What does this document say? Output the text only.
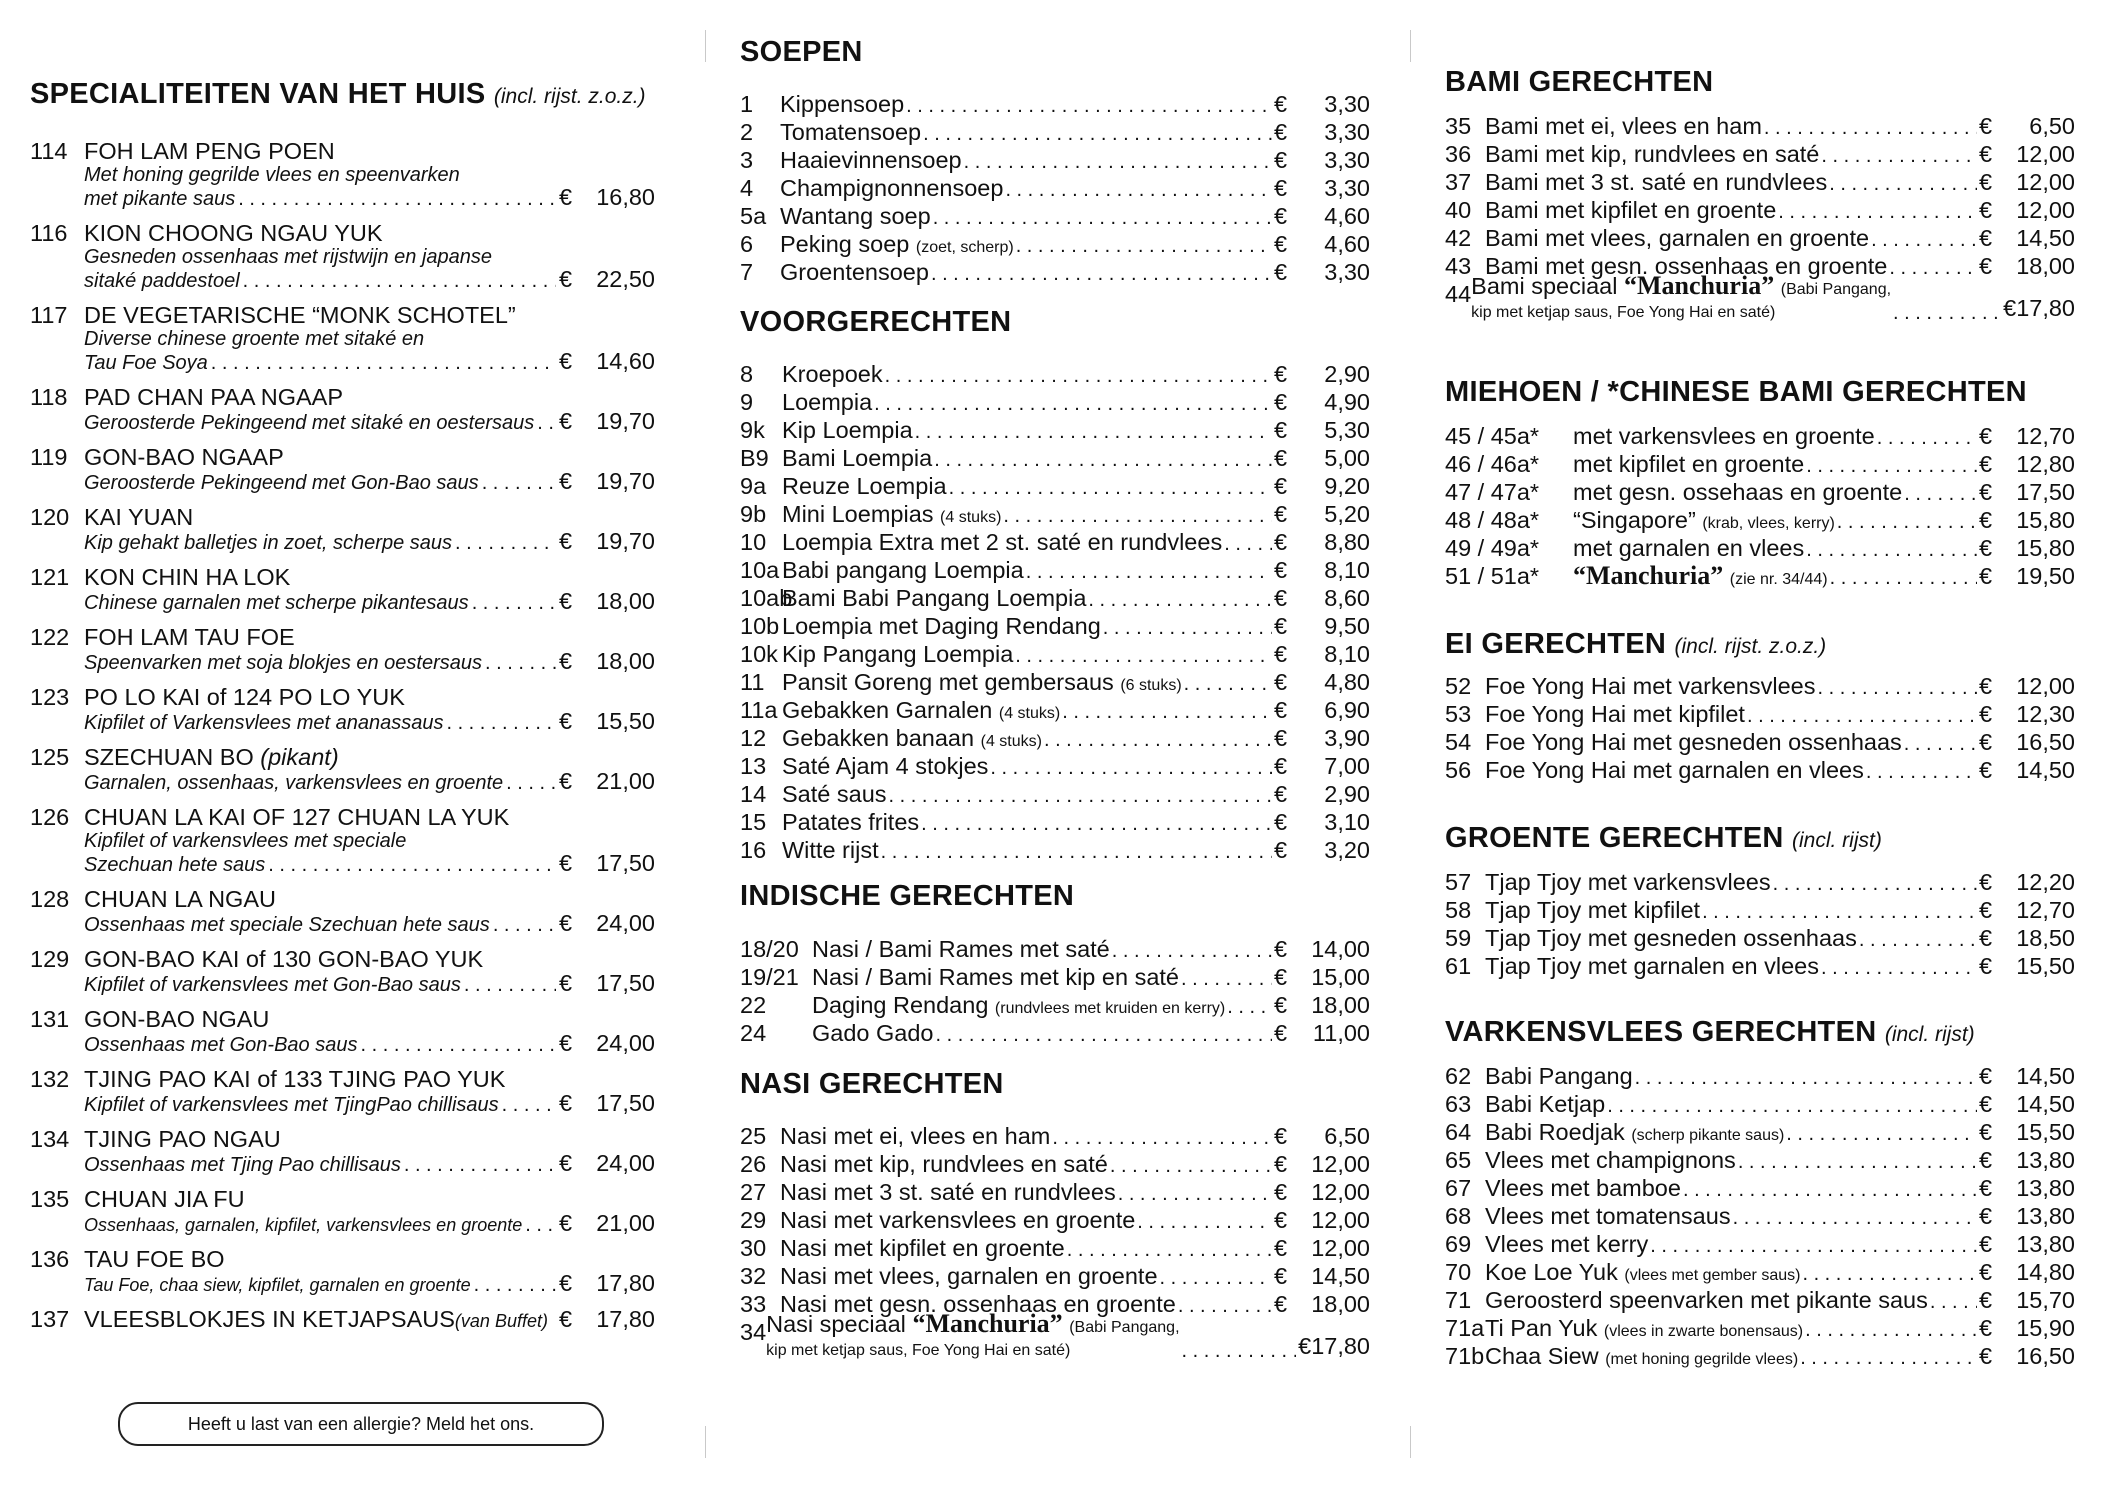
SPECIALITEITEN VAN HET HUIS (incl. rijst. z.o.z.)
114 FOH LAM PENG POEN
Met honing gegrilde vlees en speenvarken
met pikante saus . . .	€	16,80
116 KION CHOONG NGAU YUK
Gesneden ossenhaas met rijstwijn en japanse
sitaké paddestoel . . .	€	22,50
117 DE VEGETARISCHE “MONK SCHOTEL”
Diverse chinese groente met sitaké en
Tau Foe Soya . . .	€	14,60
118 PAD CHAN PAA NGAAP
Geroosterde Pekingeend met sitaké en oestersaus . . . €	19,70
119 GON-BAO NGAAP
Geroosterde Pekingeend met Gon-Bao saus . . .	€	19,70
120 KAI YUAN
Kip gehakt balletjes in zoet, scherpe saus . . .	€	19,70
121 KON CHIN HA LOK
Chinese garnalen met scherpe pikantesaus . . .	€	18,00
122 FOH LAM TAU FOE
Speenvarken met soja blokjes en oestersaus . . .	€	18,00
123 PO LO KAI of 124 PO LO YUK
Kipfilet of Varkensvlees met ananassaus . . .	€	15,50
125 SZECHUAN BO (pikant)
Garnalen, ossenhaas, varkensvlees en groente . . . €	21,00
126 CHUAN LA KAI OF 127 CHUAN LA YUK
Kipfilet of varkensvlees met speciale
Szechuan hete saus . . .	€	17,50
128 CHUAN LA NGAU
Ossenhaas met speciale Szechuan hete saus . . .	€	24,00
129 GON-BAO KAI of 130 GON-BAO YUK
Kipfilet of varkensvlees met Gon-Bao saus . . .	€	17,50
131 GON-BAO NGAU
Ossenhaas met Gon-Bao saus . . .	€	24,00
132 TJING PAO KAI of 133 TJING PAO YUK
Kipfilet of varkensvlees met TjingPao chillisaus . . .	€	17,50
134 TJING PAO NGAU
Ossenhaas met Tjing Pao chillisaus . . .	€	24,00
135 CHUAN JIA FU
Ossenhaas, garnalen, kipfilet, varkensvlees en groente . . . €	21,00
136 TAU FOE BO
Tau Foe, chaa siew, kipfilet, garnalen en groente . . .	€	17,80
137 VLEESBLOKJES IN KETJAPSAUS (van Buffet) €	17,80
Heeft u last van een allergie? Meld het ons.
SOEPEN
1	Kippensoep . . .	€	3,30
2	Tomatensoep . . .	€	3,30
3	Haaievinnensoep . . .	€	3,30
4	Champignonnensoep . . .	€	3,30
5a Wantang soep . . .	€	4,60
6	Peking soep (zoet, scherp) . . .	€	4,60
7	Groentensoep . . .	€	3,30
VOORGERECHTEN
8	Kroepoek . . .	€	2,90
9	Loempia . . .	€	4,90
9k Kip Loempia . . .	€	5,30
B9 Bami Loempia . . .	€	5,00
9a Reuze Loempia . . .	€	9,20
9b Mini Loempias (4 stuks) . . .	€	5,20
10 Loempia Extra met 2 st. saté en rundvlees . . . €	8,80
10a Babi pangang Loempia . . .	€	8,10
10ab
Bami Babi Pangang Loempia . . .	€	8,60
10b Loempia met Daging Rendang . . .	€	9,50
10k Kip Pangang Loempia . . .	€	8,10
11 Pansit Goreng met gembersaus (6 stuks) . . .	€	4,80
11a Gebakken Garnalen (4 stuks) . . .	€	6,90
12 Gebakken banaan (4 stuks) . . .	€	3,90
13 Saté Ajam 4 stokjes . . .	€	7,00
14 Saté saus . . .	€	2,90
15 Patates frites . . .	€	3,10
16 Witte rijst . . .	€	3,20
INDISCHE GERECHTEN
18/20 Nasi / Bami Rames met saté . . .	€	14,00
19/21 Nasi / Bami Rames met kip en saté . . .	€	15,00
22	Daging Rendang (rundvlees met kruiden en kerry) . . . €	18,00
24	Gado Gado . . .	€	11,00
NASI GERECHTEN
25 Nasi met ei, vlees en ham . . .	€	6,50
26 Nasi met kip, rundvlees en saté . . .	€	12,00
27 Nasi met 3 st. saté en rundvlees . . .	€	12,00
29 Nasi met varkensvlees en groente . . .	€	12,00
30 Nasi met kipfilet en groente . . .	€	12,00
32 Nasi met vlees, garnalen en groente . . .	€	14,50
33 Nasi met gesn. ossenhaas en groente . . .	€	18,00
34 Nasi speciaal “Manchuria” (Babi Pangang,
kip met ketjap saus, Foe Yong Hai en saté) . . .	€ 17,80
BAMI GERECHTEN
35 Bami met ei, vlees en ham . . .	€	6,50
36 Bami met kip, rundvlees en saté . . .	€	12,00
37 Bami met 3 st. saté en rundvlees . . .	€	12,00
40 Bami met kipfilet en groente . . .	€	12,00
42 Bami met vlees, garnalen en groente . . .	€	14,50
43 Bami met gesn. ossenhaas en groente . . .	€	18,00
44 Bami speciaal “Manchuria” (Babi Pangang,
kip met ketjap saus, Foe Yong Hai en saté) . . .	€ 17,80
MIEHOEN / *CHINESE BAMI GERECHTEN
45 / 45a*	met varkensvlees en groente . . .	€	12,70
46 / 46a*	met kipfilet en groente . . .	€	12,80
47 / 47a*	met gesn. ossehaas en groente . . .	€	17,50
48 / 48a*	“Singapore” (krab, vlees, kerry) . . .	€	15,80
49 / 49a*	met garnalen en vlees . . .	€	15,80
51 / 51a*	“Manchuria” (zie nr. 34/44) . . .	€	19,50
EI GERECHTEN (incl. rijst. z.o.z.)
52 Foe Yong Hai met varkensvlees . . .	€	12,00
53 Foe Yong Hai met kipfilet . . .	€	12,30
54 Foe Yong Hai met gesneden ossenhaas . . .	€	16,50
56 Foe Yong Hai met garnalen en vlees . . .	€	14,50
GROENTE GERECHTEN (incl. rijst)
57 Tjap Tjoy met varkensvlees . . .	€	12,20
58 Tjap Tjoy met kipfilet . . .	€	12,70
59 Tjap Tjoy met gesneden ossenhaas . . .	€	18,50
61 Tjap Tjoy met garnalen en vlees . . .	€	15,50
VARKENSVLEES GERECHTEN (incl. rijst)
62 Babi Pangang . . .	€	14,50
63 Babi Ketjap . . .	€	14,50
64 Babi Roedjak (scherp pikante saus) . . .	€	15,50
65 Vlees met champignons . . .	€	13,80
67 Vlees met bamboe . . .	€	13,80
68 Vlees met tomatensaus . . .	€	13,80
69 Vlees met kerry . . .	€	13,80
70 Koe Loe Yuk (vlees met gember saus) . . .	€	14,80
71 Geroosterd speenvarken met pikante saus . . . €	15,70
71a Ti Pan Yuk (vlees in zwarte bonensaus) . . .	€	15,90
71b Chaa Siew (met honing gegrilde vlees) . . .	€	16,50
